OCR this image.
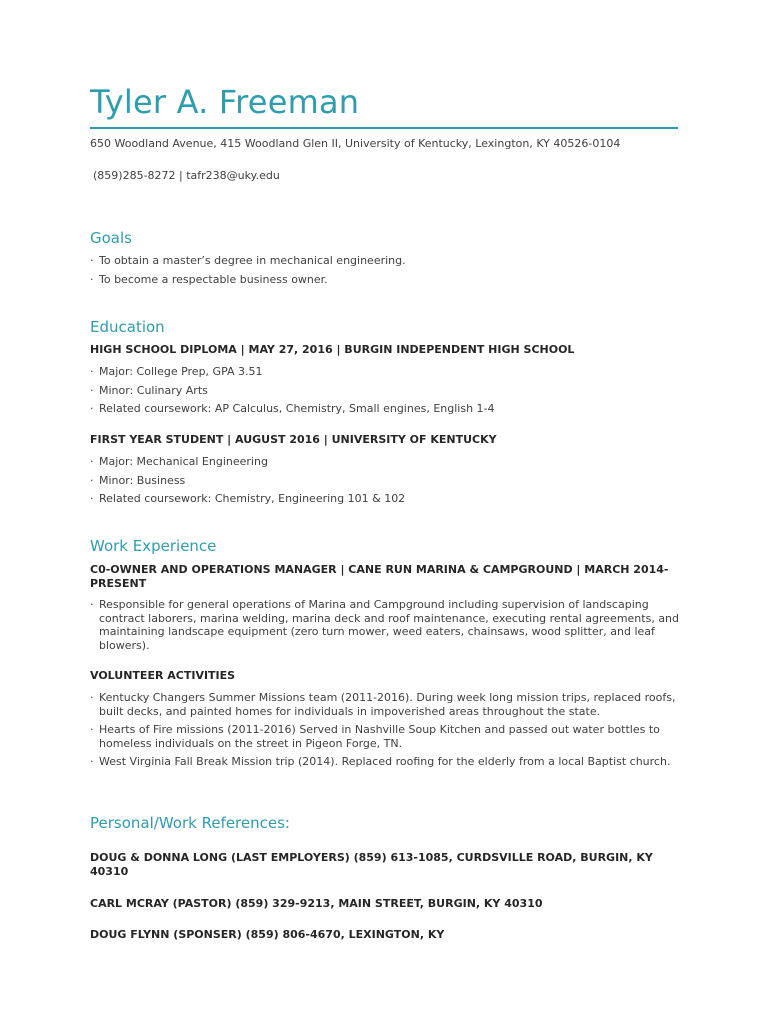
Tyler A. Freeman
650 Woodland Avenue, 415 Woodland Glen II, University of Kentucky, Lexington, KY 40526-0104
(859)285-8272 | tafr238@uky.edu
Goals
· To obtain a master’s degree in mechanical engineering.
· To become a respectable business owner.
Education
HIGH SCHOOL DIPLOMA | MAY 27, 2016 | BURGIN INDEPENDENT HIGH SCHOOL
· Major: College Prep, GPA 3.51
· Minor: Culinary Arts
· Related coursework: AP Calculus, Chemistry, Small engines, English 1-4
FIRST YEAR STUDENT | AUGUST 2016 | UNIVERSITY OF KENTUCKY
· Major: Mechanical Engineering
· Minor: Business
· Related coursework: Chemistry, Engineering 101 & 102
Work Experience
C0-OWNER AND OPERATIONS MANAGER | CANE RUN MARINA & CAMPGROUND | MARCH 2014-PRESENT
· Responsible for general operations of Marina and Campground including supervision of landscaping contract laborers, marina welding, marina deck and roof maintenance, executing rental agreements, and maintaining landscape equipment (zero turn mower, weed eaters, chainsaws, wood splitter, and leaf blowers).
VOLUNTEER ACTIVITIES
· Kentucky Changers Summer Missions team (2011-2016). During week long mission trips, replaced roofs, built decks, and painted homes for individuals in impoverished areas throughout the state.
· Hearts of Fire missions (2011-2016) Served in Nashville Soup Kitchen and passed out water bottles to homeless individuals on the street in Pigeon Forge, TN.
· West Virginia Fall Break Mission trip (2014). Replaced roofing for the elderly from a local Baptist church.
Personal/Work References:
DOUG & DONNA LONG (LAST EMPLOYERS) (859) 613-1085, CURDSVILLE ROAD, BURGIN, KY 40310
CARL MCRAY (PASTOR) (859) 329-9213, MAIN STREET, BURGIN, KY 40310
DOUG FLYNN (SPONSER) (859) 806-4670, LEXINGTON, KY
